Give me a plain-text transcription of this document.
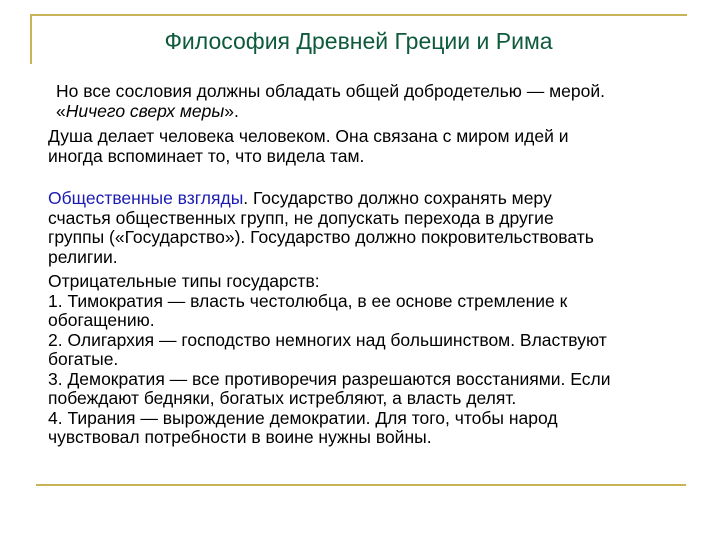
Философия Древней Греции и Рима
Но все сословия должны обладать общей добродетелью — мерой.
«Ничего сверх меры».
Душа делает человека человеком. Она связана с миром идей и
иногда вспоминает то, что видела там.
Общественные взгляды. Государство должно сохранять меру
счастья общественных групп, не допускать перехода в другие
группы («Государство»). Государство должно покровительствовать
религии.
Отрицательные типы государств:
1. Тимократия — власть честолюбца, в ее основе стремление к
обогащению.
2. Олигархия — господство немногих над большинством. Властвуют
богатые.
3. Демократия — все противоречия разрешаются восстаниями. Если
побеждают бедняки, богатых истребляют, а власть делят.
4. Тирания — вырождение демократии. Для того, чтобы народ
чувствовал потребности в воине нужны войны.
